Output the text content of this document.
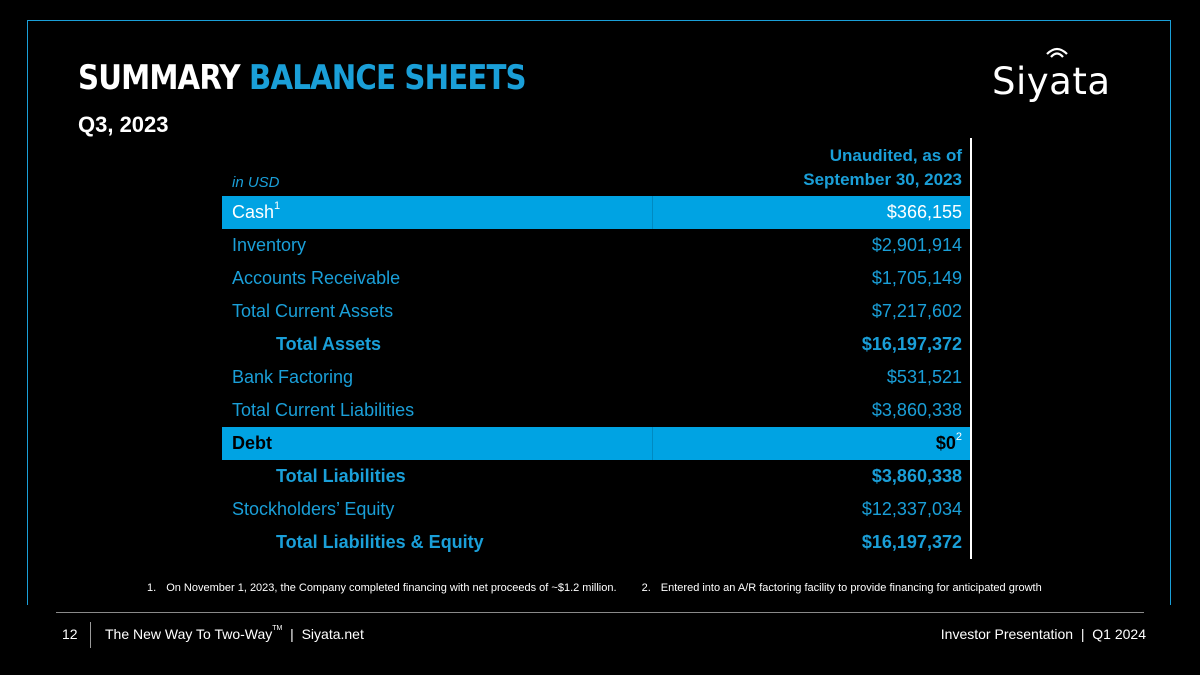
SUMMARY BALANCE SHEETS
Q3, 2023
Siyata
in USD
Unaudited, as of
September 30, 2023
Cash$^1$	$366,155
Inventory	$2,901,914
Accounts Receivable	$1,705,149
Total Current Assets	$7,217,602
Total Assets	$16,197,372
Bank Factoring	$531,521
Total Current Liabilities	$3,860,338
Debt	$\$0^2$
Total Liabilities	$3,860,338
Stockholders’ Equity	$12,337,034
Total Liabilities & Equity	$16,197,372
1. On November 1, 2023, the Company completed financing with net proceeds of ~$1.2 million. 2. Entered into an A/R factoring facility to provide financing for anticipated growth
12 The New Way To Two-Way™  |  Siyata.net	Investor Presentation  |  Q1 2024
